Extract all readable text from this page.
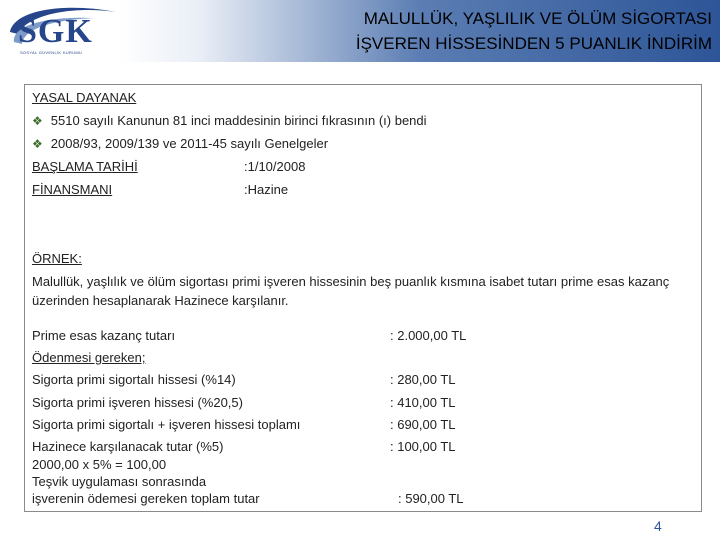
SGK
SOSYAL GÜVENLİK KURUMU
MALULLÜK, YAŞLILIK VE ÖLÜM SİGORTASI
İŞVEREN HİSSESİNDEN 5 PUANLIK İNDİRİM
YASAL DAYANAK
❖ 5510 sayılı Kanunun 81 inci maddesinin birinci fıkrasının (ı) bendi
❖ 2008/93, 2009/139 ve 2011-45 sayılı Genelgeler
BAŞLAMA TARİHİ	:1/10/2008
FİNANSMANI	:Hazine
ÖRNEK:
Malullük, yaşlılık ve ölüm sigortası primi işveren hissesinin beş puanlık kısmına isabet tutarı prime esas kazanç üzerinden hesaplanarak Hazinece karşılanır.
Prime esas kazanç tutarı	: 2.000,00 TL
Ödenmesi gereken;
Sigorta primi sigortalı hissesi (%14)	: 280,00 TL
Sigorta primi işveren hissesi (%20,5)	: 410,00 TL
Sigorta primi sigortalı + işveren hissesi toplamı	: 690,00 TL
Hazinece karşılanacak tutar (%5)	: 100,00 TL
2000,00 x 5% = 100,00
Teşvik uygulaması sonrasında
işverenin ödemesi gereken toplam tutar	: 590,00 TL
4
